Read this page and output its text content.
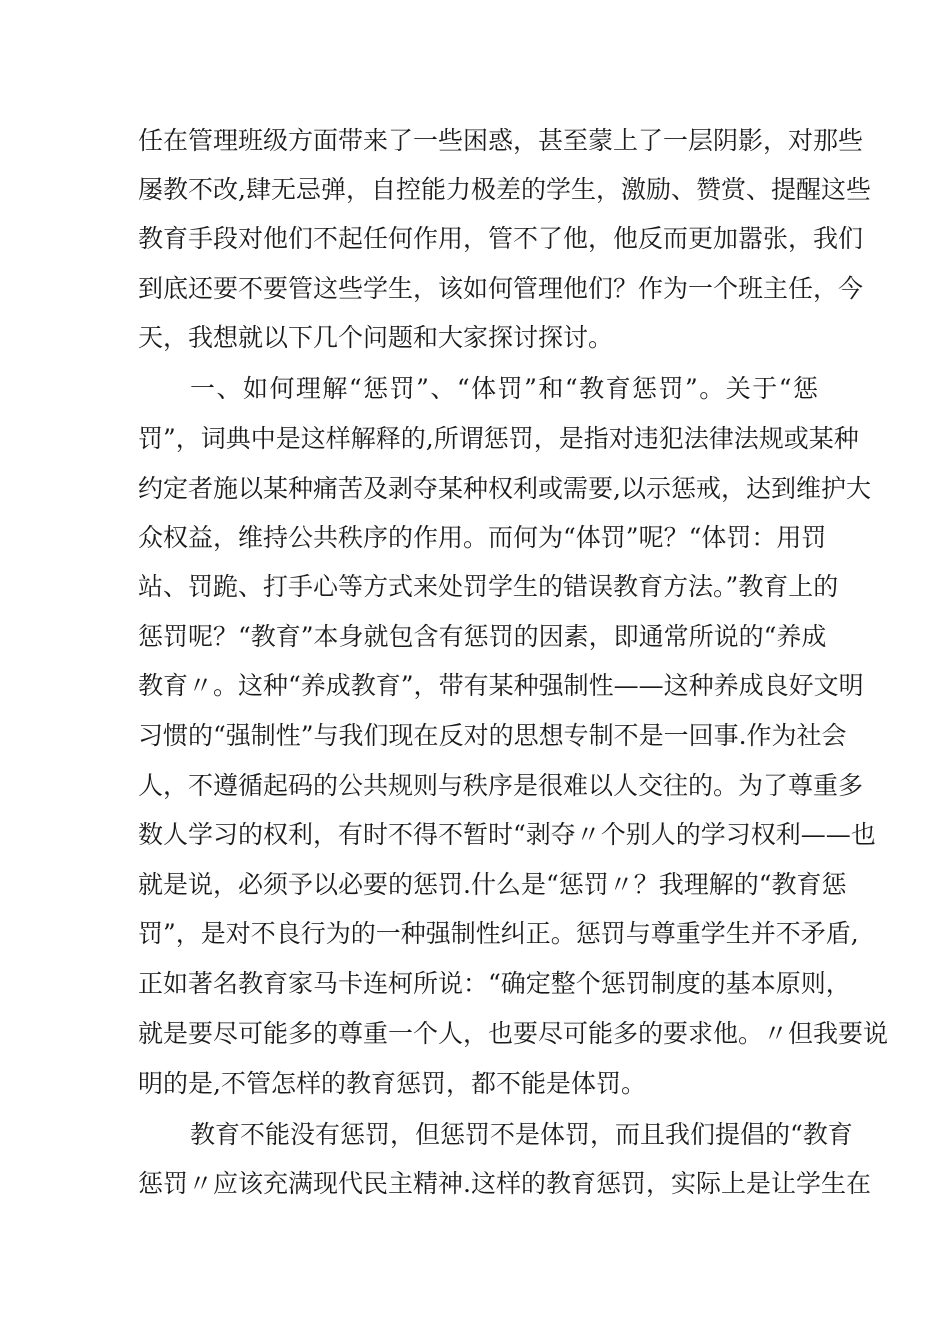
任在管理班级方面带来了一些困惑，甚至蒙上了一层阴影，对那些

屡教不改,肆无忌弹，自控能力极差的学生，激励、赞赏、提醒这些

教育手段对他们不起任何作用，管不了他，他反而更加嚣张，我们

到底还要不要管这些学生，该如何管理他们？作为一个班主任，今

天，我想就以下几个问题和大家探讨探讨。

一、如何理解“惩罚”、“体罚”和“教育惩罚”。关于“惩

罚”，词典中是这样解释的,所谓惩罚，是指对违犯法律法规或某种

约定者施以某种痛苦及剥夺某种权利或需要,以示惩戒，达到维护大

众权益，维持公共秩序的作用。而何为“体罚”呢？“体罚：用罚

站、罚跪、打手心等方式来处罚学生的错误教育方法。”教育上的

惩罚呢？“教育”本身就包含有惩罚的因素，即通常所说的“养成

教育〃。这种“养成教育”，带有某种强制性——这种养成良好文明

习惯的“强制性”与我们现在反对的思想专制不是一回事.作为社会

人，不遵循起码的公共规则与秩序是很难以人交往的。为了尊重多

数人学习的权利，有时不得不暂时“剥夺〃个别人的学习权利——也

就是说，必须予以必要的惩罚.什么是“惩罚〃？我理解的“教育惩

罚”，是对不良行为的一种强制性纠正。惩罚与尊重学生并不矛盾,

正如著名教育家马卡连柯所说：“确定整个惩罚制度的基本原则，

就是要尽可能多的尊重一个人，也要尽可能多的要求他。〃但我要说

明的是,不管怎样的教育惩罚，都不能是体罚。

教育不能没有惩罚，但惩罚不是体罚，而且我们提倡的“教育

惩罚〃应该充满现代民主精神.这样的教育惩罚，实际上是让学生在
